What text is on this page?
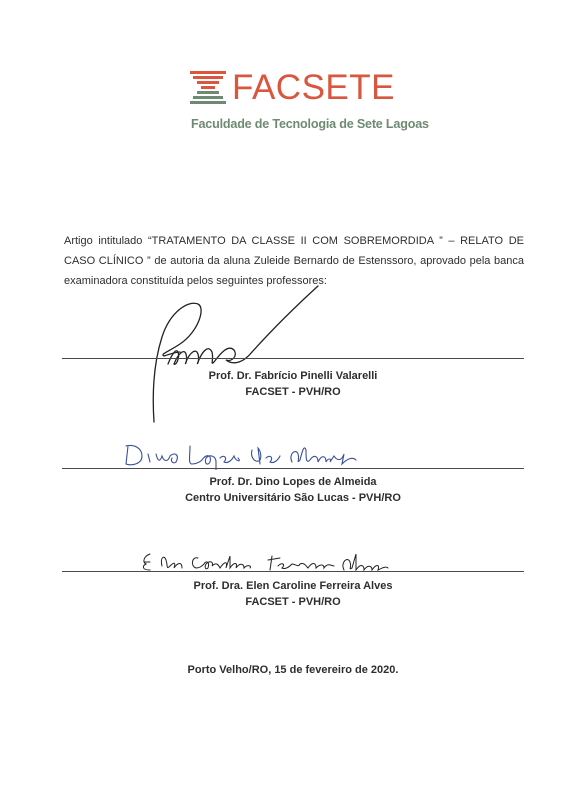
FACSETE
Faculdade de Tecnologia de Sete Lagoas

Artigo intitulado “TRATAMENTO DA CLASSE II COM SOBREMORDIDA ” – RELATO DE CASO CLÍNICO ” de autoria da aluna Zuleide Bernardo de Estenssoro, aprovado pela banca examinadora constituída pelos seguintes professores:

Prof. Dr. Fabrício Pinelli Valarelli
FACSET - PVH/RO
Prof. Dr. Dino Lopes de Almeida
Centro Universitário São Lucas - PVH/RO
Prof. Dra. Elen Caroline Ferreira Alves
FACSET - PVH/RO
Porto Velho/RO, 15 de fevereiro de 2020.
